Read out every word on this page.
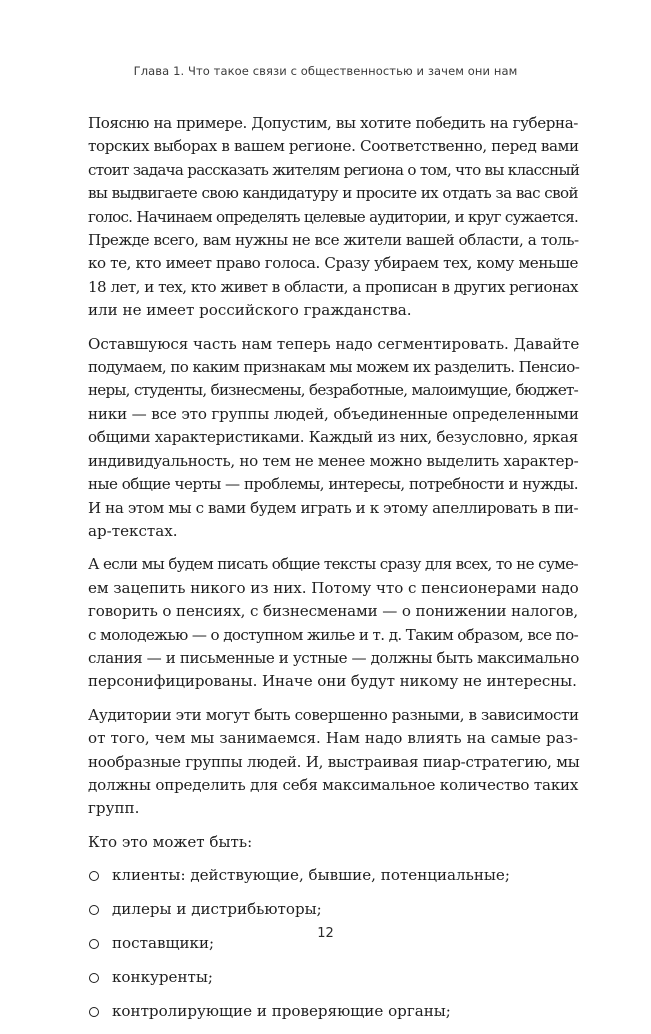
Глава 1. Что такое связи с общественностью и зачем они нам
Поясню на примере. Допустим, вы хотите победить на губерна-
торских выборах в вашем регионе. Соответственно, перед вами
стоит задача рассказать жителям региона о том, что вы классный
вы выдвигаете свою кандидатуру и просите их отдать за вас свой
голос. Начинаем определять целевые аудитории, и круг сужается.
Прежде всего, вам нужны не все жители вашей области, а толь-
ко те, кто имеет право голоса. Сразу убираем тех, кому меньше
18 лет, и тех, кто живет в области, а прописан в других регионах
или не имеет российского гражданства.
Оставшуюся часть нам теперь надо сегментировать. Давайте
подумаем, по каким признакам мы можем их разделить. Пенсио-
неры, студенты, бизнесмены, безработные, малоимущие, бюджет-
ники — все это группы людей, объединенные определенными
общими характеристиками. Каждый из них, безусловно, яркая
индивидуальность, но тем не менее можно выделить характер-
ные общие черты — проблемы, интересы, потребности и нужды.
И на этом мы с вами будем играть и к этому апеллировать в пи-
ар-текстах.
А если мы будем писать общие тексты сразу для всех, то не суме-
ем зацепить никого из них. Потому что с пенсионерами надо
говорить о пенсиях, с бизнесменами — о понижении налогов,
с молодежью — о доступном жилье и т. д. Таким образом, все по-
слания — и письменные и устные — должны быть максимально
персонифицированы. Иначе они будут никому не интересны.
Аудитории эти могут быть совершенно разными, в зависимости
от того, чем мы занимаемся. Нам надо влиять на самые раз-
нообразные группы людей. И, выстраивая пиар-стратегию, мы
должны определить для себя максимальное количество таких
групп.
Кто это может быть:
клиенты: действующие, бывшие, потенциальные;
дилеры и дистрибьюторы;
поставщики;
конкуренты;
контролирующие и проверяющие органы;
12
